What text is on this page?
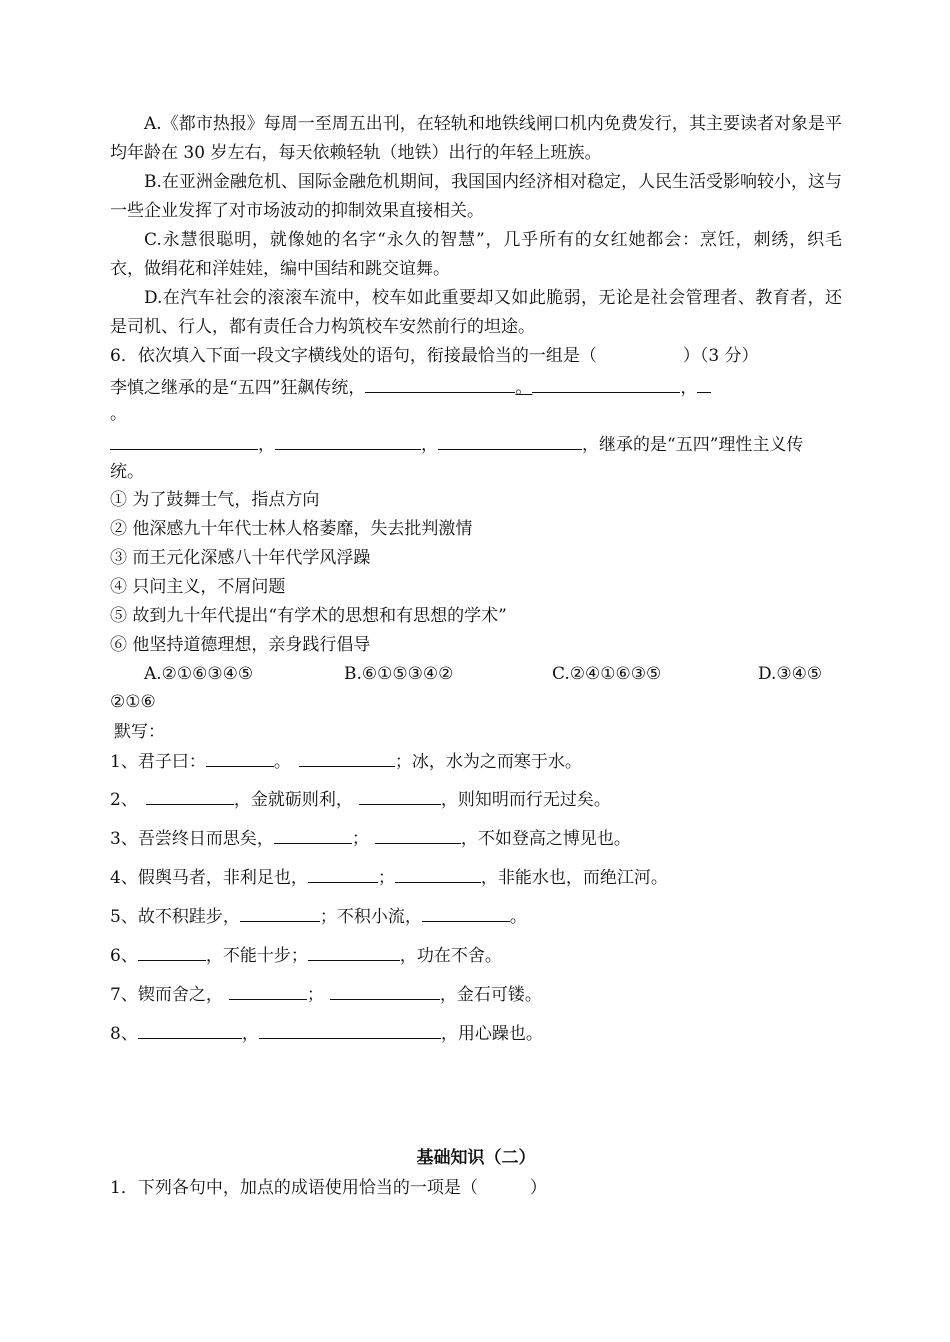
A.《都市热报》每周一至周五出刊，在轻轨和地铁线闸口机内免费发行，其主要读者对象是平均年龄在 30 岁左右，每天依赖轻轨（地铁）出行的年轻上班族。
B.在亚洲金融危机、国际金融危机期间，我国国内经济相对稳定，人民生活受影响较小，这与一些企业发挥了对市场波动的抑制效果直接相关。
C.永慧很聪明，就像她的名字“永久的智慧”，几乎所有的女红她都会：烹饪，刺绣，织毛衣，做绢花和洋娃娃，编中国结和跳交谊舞。
D.在汽车社会的滚滚车流中，校车如此重要却又如此脆弱，无论是社会管理者、教育者，还是司机、行人，都有责任合力构筑校车安然前行的坦途。
6．依次填入下面一段文字横线处的语句，衔接最恰当的一组是（	）（3 分）
李慎之继承的是“五四”狂飙传统，	。	，
。
，	，	，继承的是“五四”理性主义传
统。
① 为了鼓舞士气，指点方向
② 他深感九十年代士林人格萎靡，失去批判激情
③ 而王元化深感八十年代学风浮躁
④ 只问主义，不屑问题
⑤ 故到九十年代提出“有学术的思想和有思想的学术”
⑥ 他坚持道德理想，亲身践行倡导
A.②①⑥③④⑤	B.⑥①⑤③④②	C.②④①⑥③⑤	D.③④⑤
②①⑥
默写：
1、君子曰：	。	；冰，水为之而寒于水。
2、	，金就砺则利，	，则知明而行无过矣。
3、吾尝终日而思矣，	；	，不如登高之博见也。
4、假舆马者，非利足也，	；	，非能水也，而绝江河。
5、故不积跬步，	；不积小流，	。
6、	，不能十步；	，功在不舍。
7、锲而舍之，	；	，金石可镂。
8、	，	，用心躁也。
基础知识（二）
1．下列各句中，加点的成语使用恰当的一项是（	）
